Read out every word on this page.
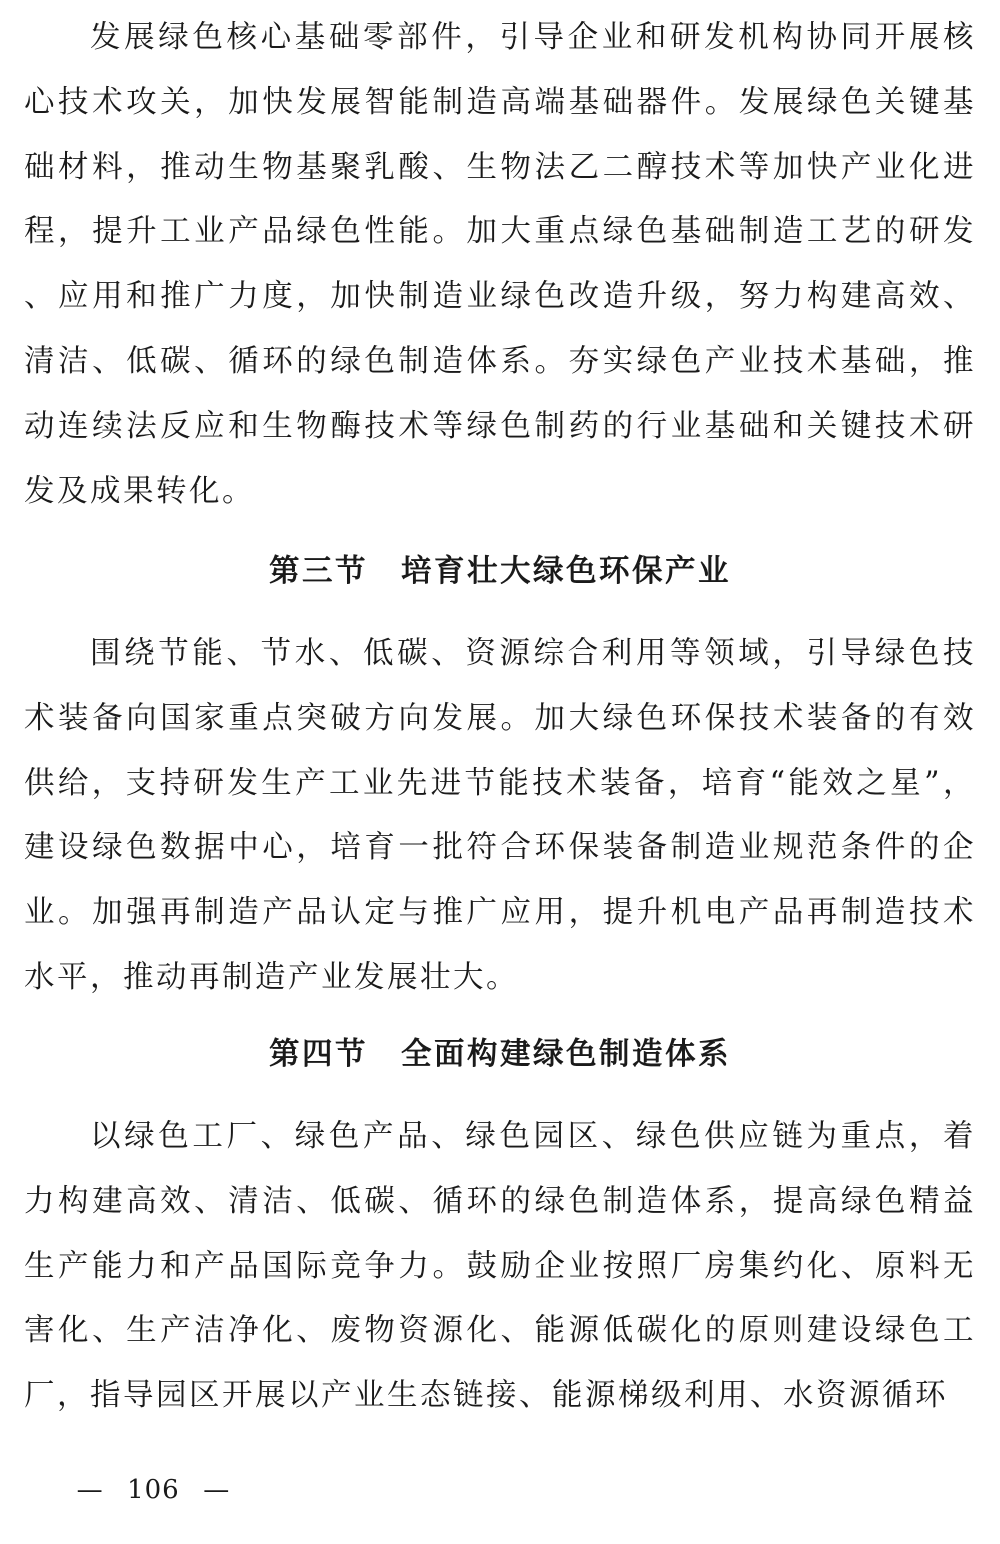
发展绿色核心基础零部件，引导企业和研发机构协同开展核心技术攻关，加快发展智能制造高端基础器件。发展绿色关键基础材料，推动生物基聚乳酸、生物法乙二醇技术等加快产业化进程，提升工业产品绿色性能。加大重点绿色基础制造工艺的研发、应用和推广力度，加快制造业绿色改造升级，努力构建高效、清洁、低碳、循环的绿色制造体系。夯实绿色产业技术基础，推动连续法反应和生物酶技术等绿色制药的行业基础和关键技术研发及成果转化。

第三节　培育壮大绿色环保产业

围绕节能、节水、低碳、资源综合利用等领域，引导绿色技术装备向国家重点突破方向发展。加大绿色环保技术装备的有效供给，支持研发生产工业先进节能技术装备，培育“能效之星”，建设绿色数据中心，培育一批符合环保装备制造业规范条件的企业。加强再制造产品认定与推广应用，提升机电产品再制造技术水平，推动再制造产业发展壮大。

第四节　全面构建绿色制造体系

以绿色工厂、绿色产品、绿色园区、绿色供应链为重点，着力构建高效、清洁、低碳、循环的绿色制造体系，提高绿色精益生产能力和产品国际竞争力。鼓励企业按照厂房集约化、原料无害化、生产洁净化、废物资源化、能源低碳化的原则建设绿色工厂，指导园区开展以产业生态链接、能源梯级利用、水资源循环

— 106 —
